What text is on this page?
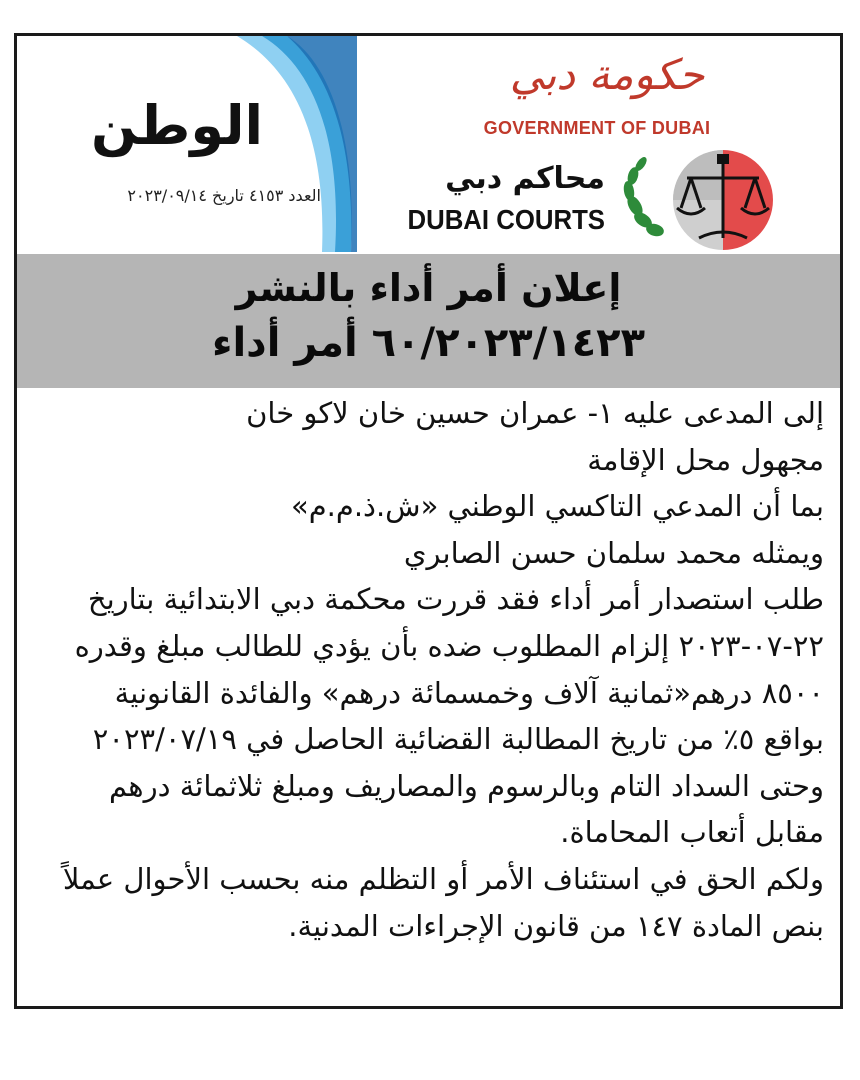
الوطن
العدد ٤١٥٣ تاريخ ٢٠٢٣/٠٩/١٤
حكومة دبي
GOVERNMENT OF DUBAI
محاكم دبي
DUBAI COURTS
إعلان أمر أداء بالنشر
٦٠/٢٠٢٣/١٤٢٣ أمر أداء
إلى المدعى عليه ١- عمران حسين خان لاكو خان
مجهول محل الإقامة
بما أن المدعي التاكسي الوطني «ش.ذ.م.م»
ويمثله محمد سلمان حسن الصابري
طلب استصدار أمر أداء فقد قررت محكمة دبي الابتدائية بتاريخ
٢٢-٠٧-٢٠٢٣ إلزام المطلوب ضده بأن يؤدي للطالب مبلغ وقدره
٨٥٠٠ درهم«ثمانية آلاف وخمسمائة درهم» والفائدة القانونية
بواقع ٥٪ من تاريخ المطالبة القضائية الحاصل في ٢٠٢٣/٠٧/١٩
وحتى السداد التام وبالرسوم والمصاريف ومبلغ ثلاثمائة درهم
مقابل أتعاب المحاماة.
ولكم الحق في استئناف الأمر أو التظلم منه بحسب الأحوال عملاً
بنص المادة ١٤٧ من قانون الإجراءات المدنية.
